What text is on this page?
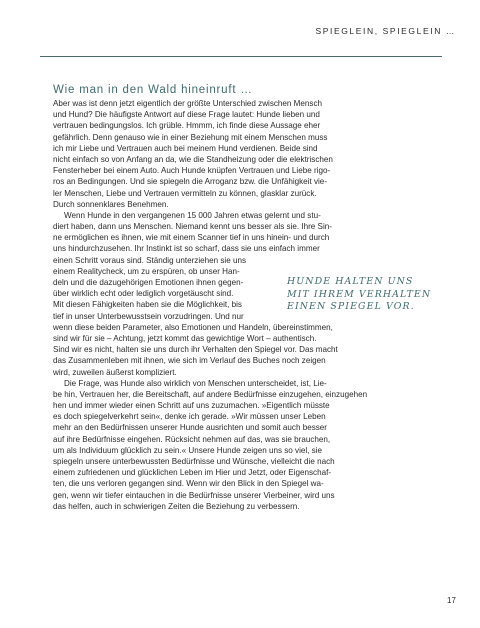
SPIEGLEIN, SPIEGLEIN …
Wie man in den Wald hineinruft …
Aber was ist denn jetzt eigentlich der größte Unterschied zwischen Mensch
und Hund? Die häufigste Antwort auf diese Frage lautet: Hunde lieben und
vertrauen bedingungslos. Ich grüble. Hmmm, ich finde diese Aussage eher
gefährlich. Denn genauso wie in einer Beziehung mit einem Menschen muss
ich mir Liebe und Vertrauen auch bei meinem Hund verdienen. Beide sind
nicht einfach so von Anfang an da, wie die Standheizung oder die elektrischen
Fensterheber bei einem Auto. Auch Hunde knüpfen Vertrauen und Liebe rigo-
ros an Bedingungen. Und sie spiegeln die Arroganz bzw. die Unfähigkeit vie-
ler Menschen, Liebe und Vertrauen vermitteln zu können, glasklar zurück.
Durch sonnenklares Benehmen.
Wenn Hunde in den vergangenen 15 000 Jahren etwas gelernt und stu-
diert haben, dann uns Menschen. Niemand kennt uns besser als sie. Ihre Sin-
ne ermöglichen es ihnen, wie mit einem Scanner tief in uns hinein- und durch
uns hindurchzusehen. Ihr Instinkt ist so scharf, dass sie uns einfach immer
einen Schritt voraus sind. Ständig unterziehen sie uns
einem Realitycheck, um zu erspüren, ob unser Han-
deln und die dazugehörigen Emotionen ihnen gegen-
über wirklich echt oder lediglich vorgetäuscht sind.
Mit diesen Fähigkeiten haben sie die Möglichkeit, bis
tief in unser Unterbewusstsein vorzudringen. Und nur
wenn diese beiden Parameter, also Emotionen und Handeln, übereinstimmen,
sind wir für sie – Achtung, jetzt kommt das gewichtige Wort – authentisch.
Sind wir es nicht, halten sie uns durch ihr Verhalten den Spiegel vor. Das macht
das Zusammenleben mit ihnen, wie sich im Verlauf des Buches noch zeigen
wird, zuweilen äußerst kompliziert.
Die Frage, was Hunde also wirklich von Menschen unterscheidet, ist, Lie-
be hin, Vertrauen her, die Bereitschaft, auf andere Bedürfnisse einzugehen, einzugehen
hen und immer wieder einen Schritt auf uns zuzumachen. »Eigentlich müsste
es doch spiegelverkehrt sein«, denke ich gerade. »Wir müssen unser Leben
mehr an den Bedürfnissen unserer Hunde ausrichten und somit auch besser
auf ihre Bedürfnisse eingehen. Rücksicht nehmen auf das, was sie brauchen,
um als Individuum glücklich zu sein.« Unsere Hunde zeigen uns so viel, sie
spiegeln unsere unterbewussten Bedürfnisse und Wünsche, vielleicht die nach
einem zufriedenen und glücklichen Leben im Hier und Jetzt, oder Eigenschaf-
ten, die uns verloren gegangen sind. Wenn wir den Blick in den Spiegel wa-
gen, wenn wir tiefer eintauchen in die Bedürfnisse unserer Vierbeiner, wird uns
das helfen, auch in schwierigen Zeiten die Beziehung zu verbessern.
HUNDE HALTEN UNS
MIT IHREM VERHALTEN
EINEN SPIEGEL VOR.
17
